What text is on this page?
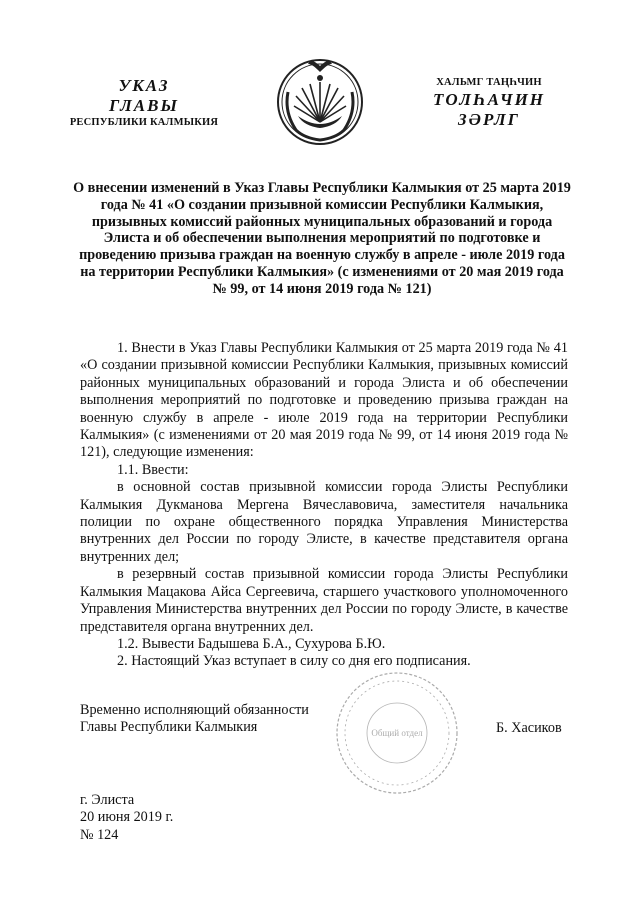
УКАЗ
ГЛАВЫ
РЕСПУБЛИКИ КАЛМЫКИЯ
ХАЛЬМГ ТАҢҺЧИН
ТОЛҺАЧИН
ЗӘРЛГ
О внесении изменений в Указ Главы Республики Калмыкия от 25 марта 2019 года № 41 «О создании призывной комиссии Республики Калмыкия, призывных комиссий районных муниципальных образований и города Элиста и об обеспечении выполнения мероприятий по подготовке и проведению призыва граждан на военную службу в апреле - июле 2019 года на территории Республики Калмыкия» (с изменениями от 20 мая 2019 года № 99, от 14 июня 2019 года № 121)

1. Внести в Указ Главы Республики Калмыкия от 25 марта 2019 года № 41 «О создании призывной комиссии Республики Калмыкия, призывных комиссий районных муниципальных образований и города Элиста и об обеспечении выполнения мероприятий по подготовке и проведению призыва граждан на военную службу в апреле - июле 2019 года на территории Республики Калмыкия» (с изменениями от 20 мая 2019 года № 99, от 14 июня 2019 года № 121), следующие изменения:

1.1. Ввести:

в основной состав призывной комиссии города Элисты Республики Калмыкия Дукманова Мергена Вячеславовича, заместителя начальника полиции по охране общественного порядка Управления Министерства внутренних дел России по городу Элисте, в качестве представителя органа внутренних дел;

в резервный состав призывной комиссии города Элисты Республики Калмыкия Мацакова Айса Сергеевича, старшего участкового уполномоченного Управления Министерства внутренних дел России по городу Элисте, в качестве представителя органа внутренних дел.

1.2. Вывести Бадышева Б.А., Сухурова Б.Ю.

2. Настоящий Указ вступает в силу со дня его подписания.

Временно исполняющий обязанности
Главы Республики Калмыкия	Общий отдел	Б. Хасиков
г. Элиста
20 июня 2019 г.
№ 124
